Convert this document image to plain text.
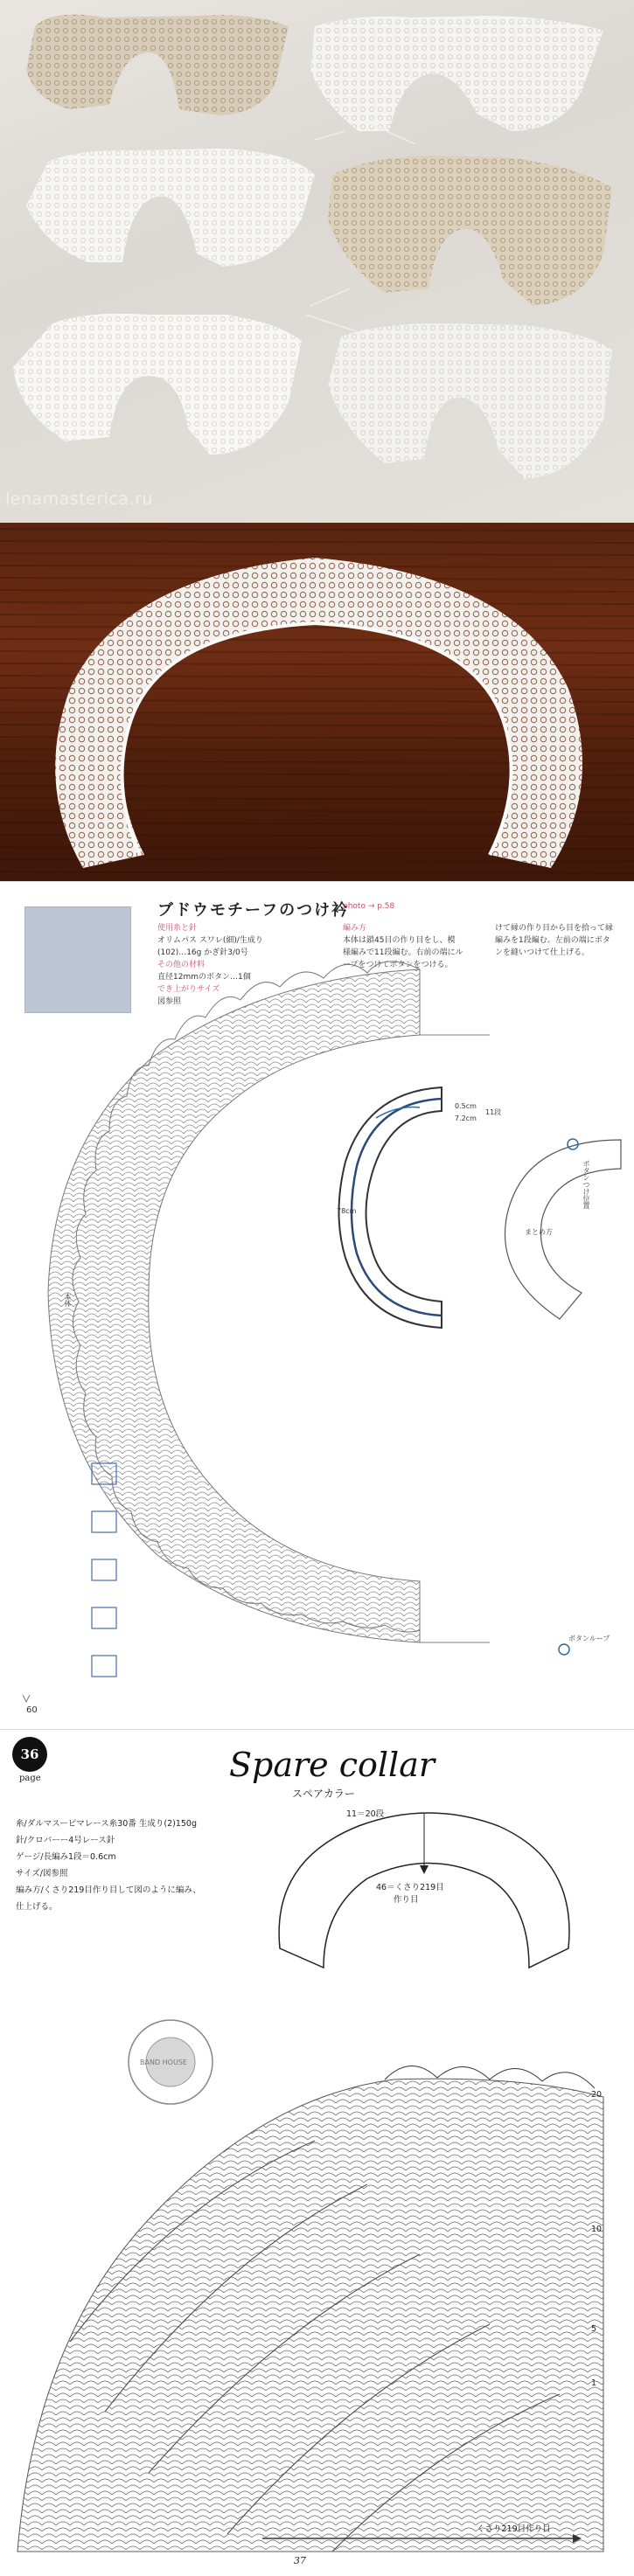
lenamasterica.ru
ブドウモチーフのつけ衿
photo → p.58
使用糸と針
オリムパス スワレ(細)/生成り
(102)…16g かぎ針3/0号
その他の材料
直径12mmのボタン…1個
でき上がりサイズ
図参照
編み方
本体は鎖45目の作り目をし、模
様編みで11段編む。右前の端にル
ープをつけてボタンをつける。
けて縁の作り目から目を拾って縁
編みを1段編む。左前の端にボタ
ンを縫いつけて仕上げる。
本体
まとめ方
ボタンループ
ボタンつけ位置
0.5cm
7.2cm
11段
78cm
60
36
page	Spare collar
スペアカラー
糸/ダルマスーピマレース糸30番 生成り(2)150g
針/クロバーー4号レース針
ゲージ/長編み1段＝0.6cm
サイズ/図参照
編み方/くさり219目作り目して図のように編み、
仕上げる。
11＝20段
46＝くさり219目
作り目
BAND HOUSE
20
10
5
1
くさり219目作り目
37
